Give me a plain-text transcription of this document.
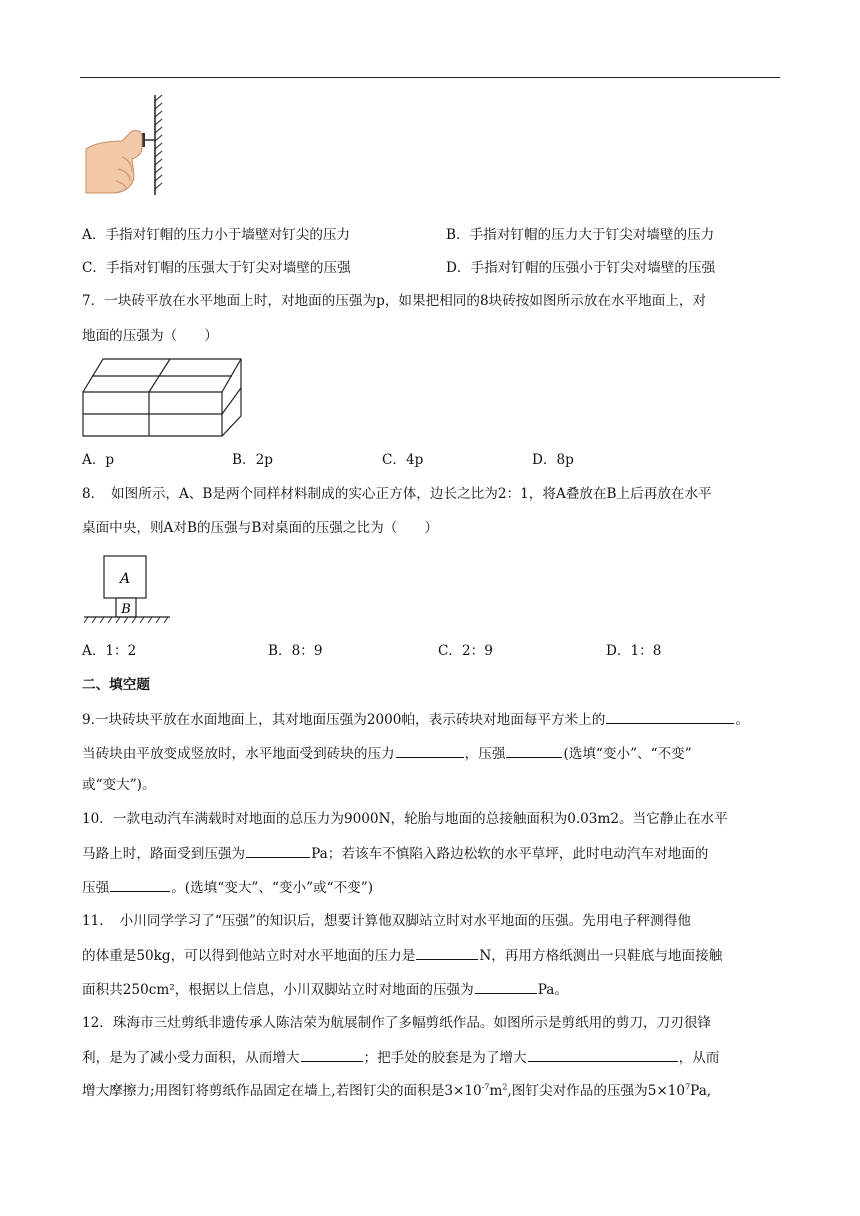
A．手指对钉帽的压力小于墙壁对钉尖的压力	B．手指对钉帽的压力大于钉尖对墙壁的压力
C．手指对钉帽的压强大于钉尖对墙壁的压强	D．手指对钉帽的压强小于钉尖对墙壁的压强
7．一块砖平放在水平地面上时，对地面的压强为p，如果把相同的8块砖按如图所示放在水平地面上，对
地面的压强为（　　）
A．p	B．2p	C．4p	D．8p
8．　如图所示，A、B是两个同样材料制成的实心正方体，边长之比为2：1，将A叠放在B上后再放在水平
桌面中央，则A对B的压强与B对桌面的压强之比为（　　）
A
B
A．1：2	B．8：9	C．2：9	D．1：8
二、填空题
9.一块砖块平放在水面地面上，其对地面压强为2000帕，表示砖块对地面每平方米上的	。
当砖块由平放变成竖放时，水平地面受到砖块的压力	，压强	(选填“变小”、“不变”
或“变大”)。
10．一款电动汽车满载时对地面的总压力为9000N，轮胎与地面的总接触面积为0.03m2。当它静止在水平
马路上时，路面受到压强为	Pa；若该车不慎陷入路边松软的水平草坪，此时电动汽车对地面的
压强	。(选填“变大”、“变小”或“不变”)
11．　小川同学学习了“压强”的知识后，想要计算他双脚站立时对水平地面的压强。先用电子秤测得他
的体重是50kg，可以得到他站立时对水平地面的压力是	N，再用方格纸测出一只鞋底与地面接触
面积共250cm²，根据以上信息，小川双脚站立时对地面的压强为	Pa。
12．珠海市三灶剪纸非遗传承人陈洁荣为航展制作了多幅剪纸作品。如图所示是剪纸用的剪刀，刀刃很锋
利，是为了减小受力面积，从而增大	；把手处的胶套是为了增大	，从而
增大摩擦力;用图钉将剪纸作品固定在墙上,若图钉尖的面积是$3\times 10^{-7}m^2$,图钉尖对作品的压强为$5\times 10^7Pa$,
